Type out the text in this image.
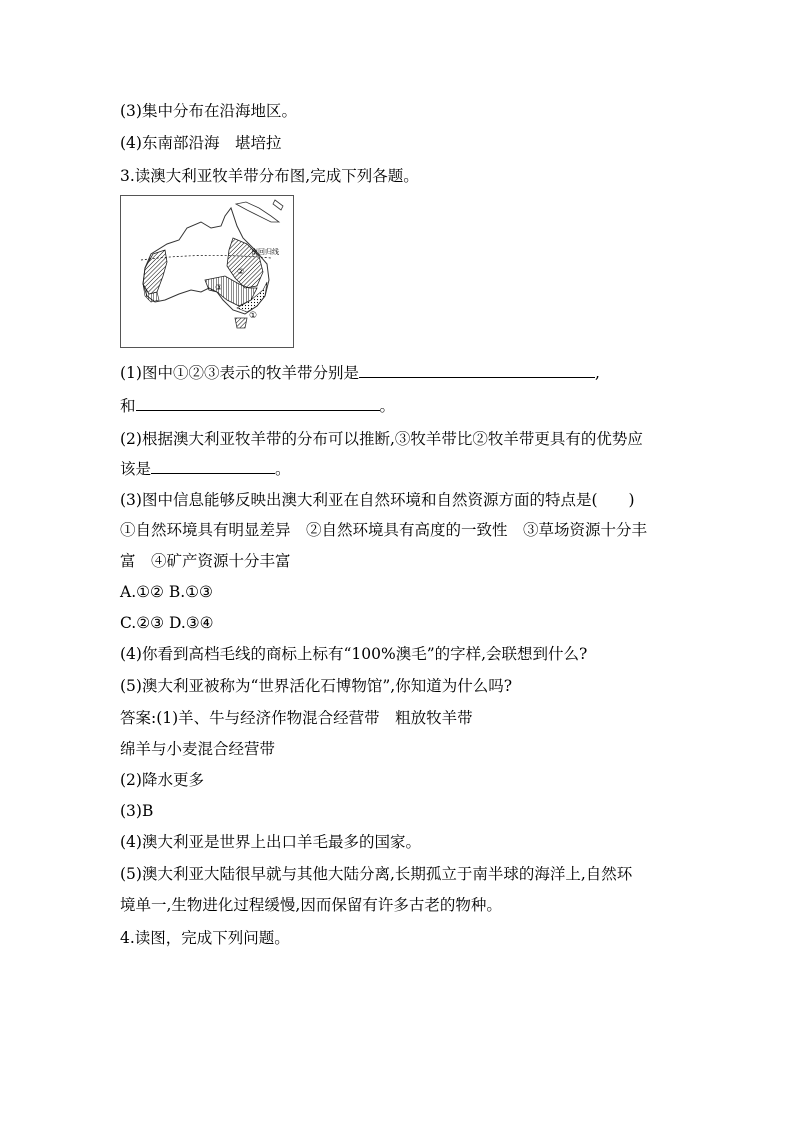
(3)集中分布在沿海地区。
(4)东南部沿海　堪培拉
3.读澳大利亚牧羊带分布图,完成下列各题。
南回归线
②
③
①
(1)图中①②③表示的牧羊带分别是	,
和	。
(2)根据澳大利亚牧羊带的分布可以推断,③牧羊带比②牧羊带更具有的优势应
该是	。
(3)图中信息能够反映出澳大利亚在自然环境和自然资源方面的特点是(　　)
①自然环境具有明显差异　②自然环境具有高度的一致性　③草场资源十分丰
富　④矿产资源十分丰富
A.①② B.①③
C.②③ D.③④
(4)你看到高档毛线的商标上标有“100%澳毛”的字样,会联想到什么?
(5)澳大利亚被称为“世界活化石博物馆”,你知道为什么吗?
答案:(1)羊、牛与经济作物混合经营带　粗放牧羊带
绵羊与小麦混合经营带
(2)降水更多
(3)B
(4)澳大利亚是世界上出口羊毛最多的国家。
(5)澳大利亚大陆很早就与其他大陆分离,长期孤立于南半球的海洋上,自然环
境单一,生物进化过程缓慢,因而保留有许多古老的物种。
4.读图，完成下列问题。
